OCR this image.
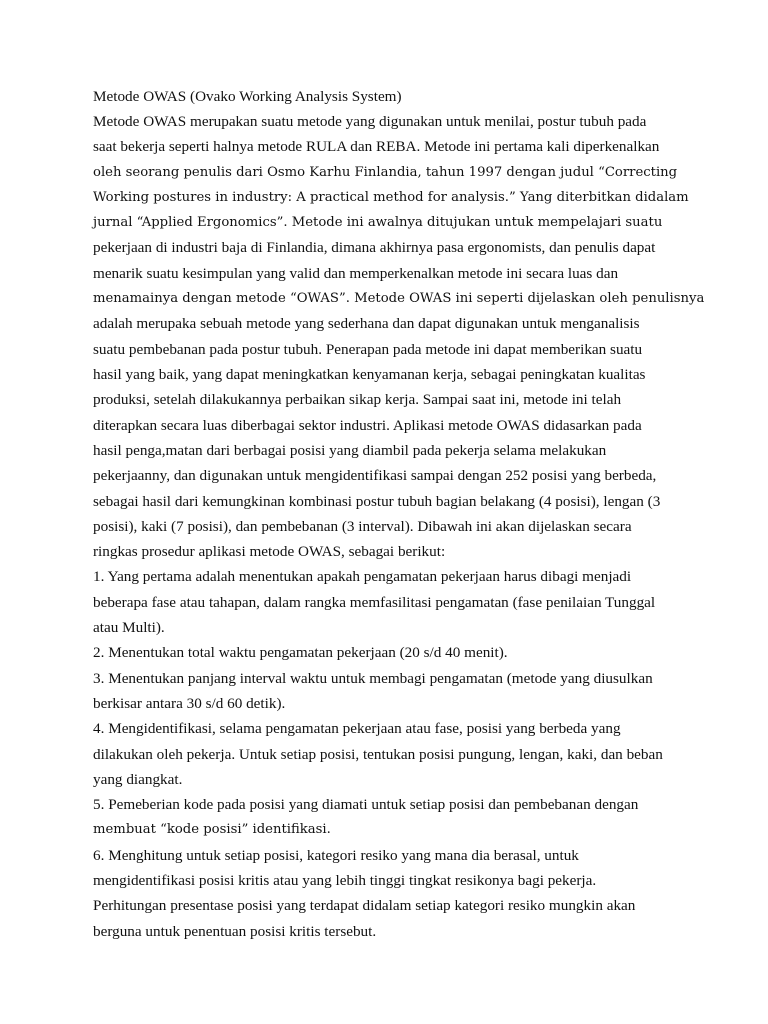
Metode OWAS (Ovako Working Analysis System)

Metode OWAS merupakan suatu metode yang digunakan untuk menilai, postur tubuh pada

saat bekerja seperti halnya metode RULA dan REBA. Metode ini pertama kali diperkenalkan

oleh seorang penulis dari Osmo Karhu Finlandia, tahun 1997 dengan judul “Correcting

Working postures in industry: A practical method for analysis.” Yang diterbitkan didalam

jurnal “Applied Ergonomics”. Metode ini awalnya ditujukan untuk mempelajari suatu

pekerjaan di industri baja di Finlandia, dimana akhirnya pasa ergonomists, dan penulis dapat

menarik suatu kesimpulan yang valid dan memperkenalkan metode ini secara luas dan

menamainya dengan metode “OWAS”. Metode OWAS ini seperti dijelaskan oleh penulisnya

adalah merupaka sebuah metode yang sederhana dan dapat digunakan untuk menganalisis

suatu pembebanan pada postur tubuh. Penerapan pada metode ini dapat memberikan suatu

hasil yang baik, yang dapat meningkatkan kenyamanan kerja, sebagai peningkatan kualitas

produksi, setelah dilakukannya perbaikan sikap kerja. Sampai saat ini, metode ini telah

diterapkan secara luas diberbagai sektor industri. Aplikasi metode OWAS didasarkan pada

hasil penga,matan dari berbagai posisi yang diambil pada pekerja selama melakukan

pekerjaanny, dan digunakan untuk mengidentifikasi sampai dengan 252 posisi yang berbeda,

sebagai hasil dari kemungkinan kombinasi postur tubuh bagian belakang (4 posisi), lengan (3

posisi), kaki (7 posisi), dan pembebanan (3 interval). Dibawah ini akan dijelaskan secara

ringkas prosedur aplikasi metode OWAS, sebagai berikut:

1. Yang pertama adalah menentukan apakah pengamatan pekerjaan harus dibagi menjadi

beberapa fase atau tahapan, dalam rangka memfasilitasi pengamatan (fase penilaian Tunggal

atau Multi).

2. Menentukan total waktu pengamatan pekerjaan (20 s/d 40 menit).

3. Menentukan panjang interval waktu untuk membagi pengamatan (metode yang diusulkan

berkisar antara 30 s/d 60 detik).

4. Mengidentifikasi, selama pengamatan pekerjaan atau fase, posisi yang berbeda yang

dilakukan oleh pekerja. Untuk setiap posisi, tentukan posisi pungung, lengan, kaki, dan beban

yang diangkat.

5. Pemeberian kode pada posisi yang diamati untuk setiap posisi dan pembebanan dengan

membuat “kode posisi” identifikasi.

6. Menghitung untuk setiap posisi, kategori resiko yang mana dia berasal, untuk

mengidentifikasi posisi kritis atau yang lebih tinggi tingkat resikonya bagi pekerja.

Perhitungan presentase posisi yang terdapat didalam setiap kategori resiko mungkin akan

berguna untuk penentuan posisi kritis tersebut.
